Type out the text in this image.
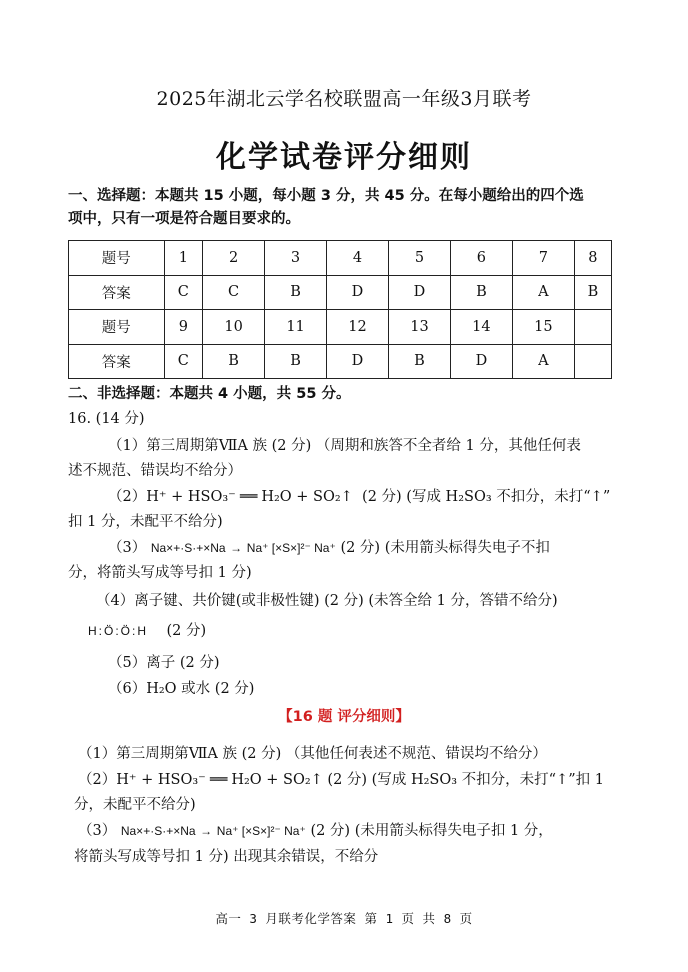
2025年湖北云学名校联盟高一年级3月联考
化学试卷评分细则
一、选择题：本题共 15 小题，每小题 3 分，共 45 分。在每小题给出的四个选
项中，只有一项是符合题目要求的。
题号	1	2	3	4	5	6	7	8
答案	C	C	B	D	D	B	A	B
题号	9	10	11	12	13	14	15	
答案	C	B	B	D	B	D	A	
二、非选择题：本题共 4 小题，共 55 分。
16. (14 分)
（1）第三周期第ⅦA 族 (2 分) （周期和族答不全者给 1 分，其他任何表
述不规范、错误均不给分）
（2）H⁺ + HSO₃⁻ ══ H₂O + SO₂↑ (2 分) (写成 H₂SO₃ 不扣分，未打“↑”
扣 1 分，未配平不给分)
（3） Na×+·S·+×Na → Na⁺ [×S×]²⁻ Na⁺ (2 分) (未用箭头标得失电子不扣
分，将箭头写成等号扣 1 分)
（4）离子键、共价键(或非极性键) (2 分) (未答全给 1 分，答错不给分)
H:Ö:Ö:H (2 分)
（5）离子 (2 分)
（6）H₂O 或水 (2 分)
【16 题 评分细则】
（1）第三周期第ⅦA 族 (2 分) （其他任何表述不规范、错误均不给分）
（2）H⁺ + HSO₃⁻ ══ H₂O + SO₂↑ (2 分) (写成 H₂SO₃ 不扣分，未打“↑”扣 1
分，未配平不给分)
（3） Na×+·S·+×Na → Na⁺ [×S×]²⁻ Na⁺ (2 分) (未用箭头标得失电子扣 1 分，
将箭头写成等号扣 1 分) 出现其余错误，不给分
高一 3 月联考化学答案 第 1 页 共 8 页
